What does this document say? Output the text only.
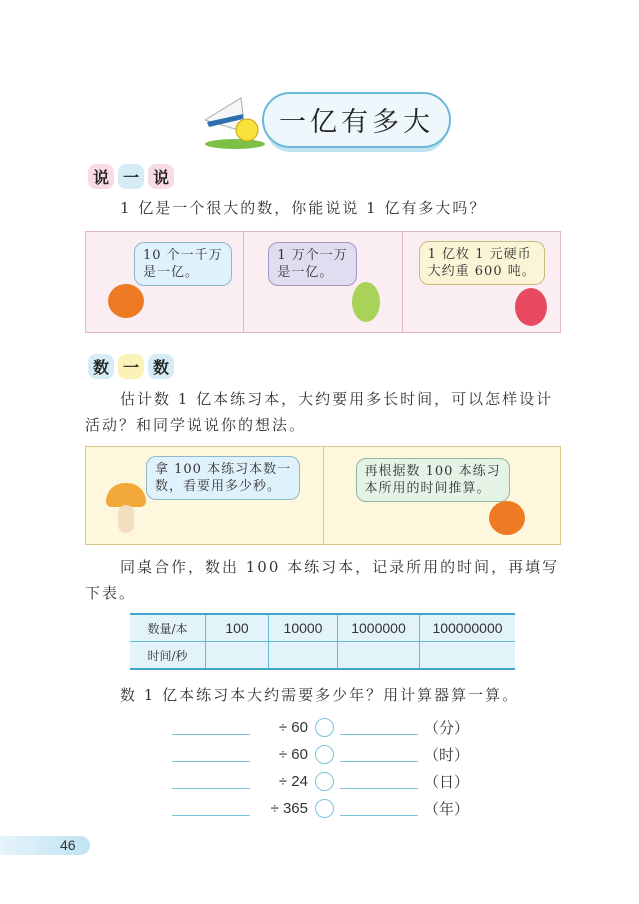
一亿有多大
说 一 说
1 亿是一个很大的数，你能说说 1 亿有多大吗？
10 个一千万
是一亿。
1 万个一万
是一亿。
1 亿枚 1 元硬币
大约重 600 吨。
数 一 数
估计数 1 亿本练习本，大约要用多长时间，可以怎样设计
活动？和同学说说你的想法。
拿 100 本练习本数一
数，看要用多少秒。
再根据数 100 本练习
本所用的时间推算。
同桌合作，数出 100 本练习本，记录所用的时间，再填写
下表。
数量/本	100	10000	1000000	100000000
时间/秒				
数 1 亿本练习本大约需要多少年？用计算器算一算。
÷ 60	（分）
÷ 60	（时）
÷ 24	（日）
÷ 365	（年）
46
